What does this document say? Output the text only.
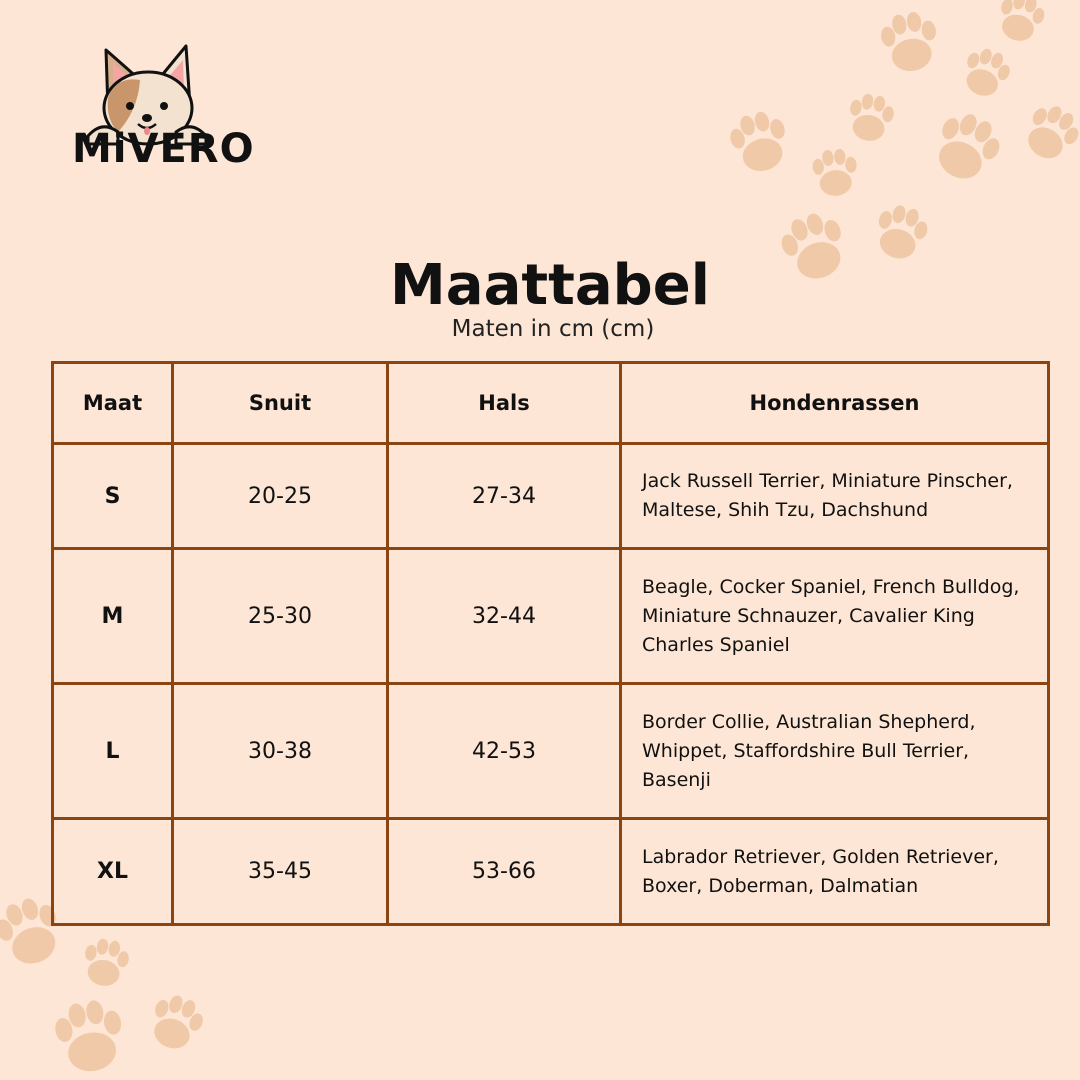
MiVERO
Maattabel
Maten in cm (cm)
Maat	Snuit	Hals	Hondenrassen
S	20-25	27-34	Jack Russell Terrier, Miniature Pinscher, Maltese, Shih Tzu, Dachshund
M	25-30	32-44	Beagle, Cocker Spaniel, French Bulldog, Miniature Schnauzer, Cavalier King Charles Spaniel
L	30-38	42-53	Border Collie, Australian Shepherd, Whippet, Staffordshire Bull Terrier, Basenji
XL	35-45	53-66	Labrador Retriever, Golden Retriever, Boxer, Doberman, Dalmatian
